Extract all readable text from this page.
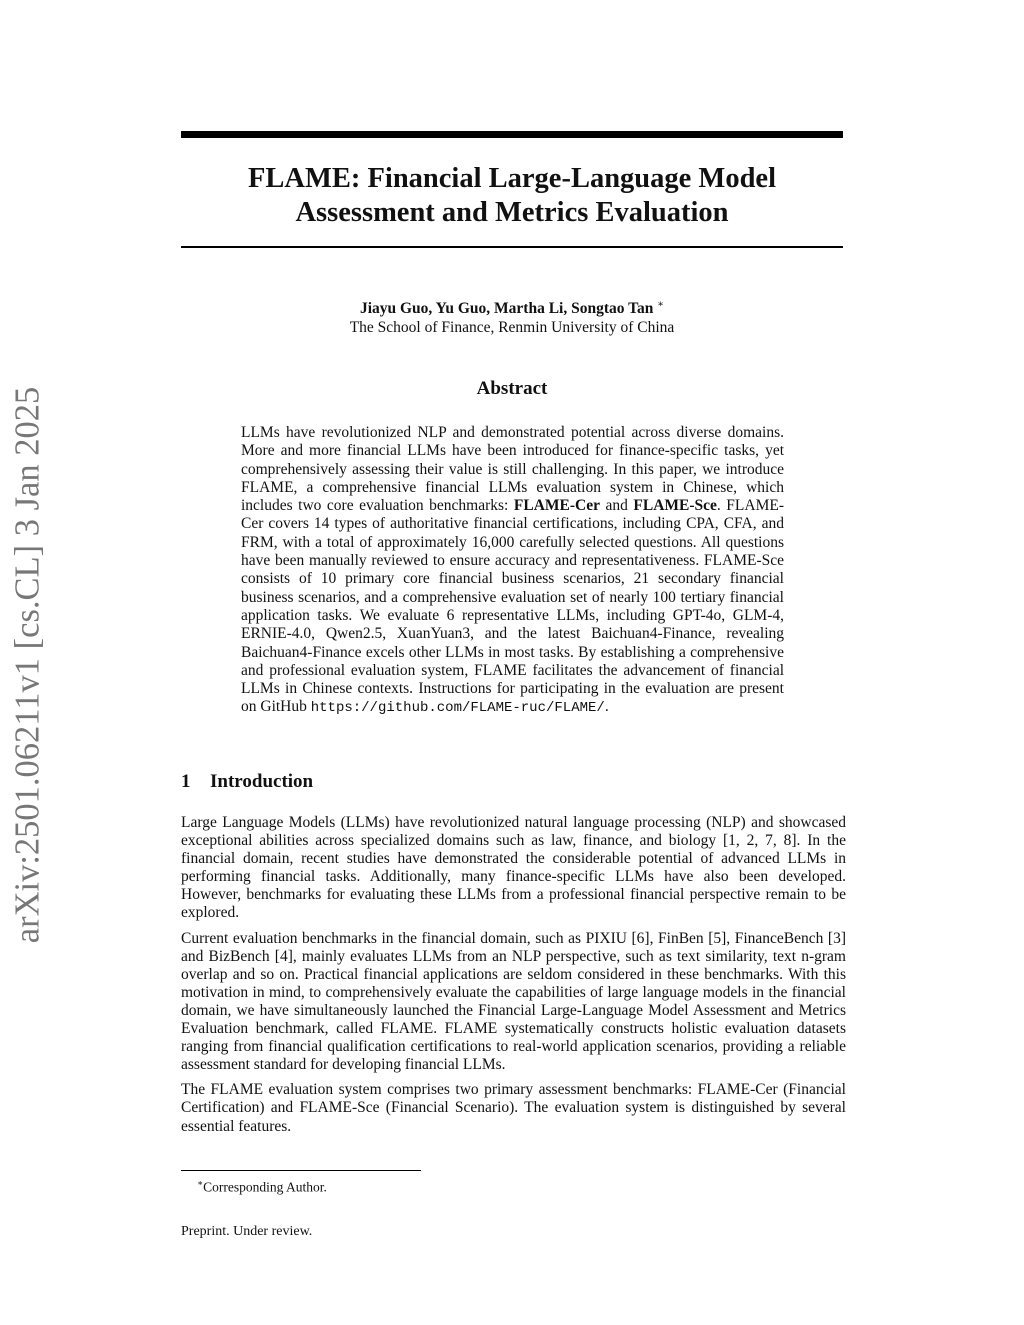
arXiv:2501.06211v1 [cs.CL] 3 Jan 2025
FLAME: Financial Large-Language Model
Assessment and Metrics Evaluation
Jiayu Guo, Yu Guo, Martha Li, Songtao Tan ∗
The School of Finance, Renmin University of China
Abstract

LLMs have revolutionized NLP and demonstrated potential across diverse domains. More and more financial LLMs have been introduced for finance-specific tasks, yet comprehensively assessing their value is still challenging. In this paper, we introduce FLAME, a comprehensive financial LLMs evaluation system in Chinese, which includes two core evaluation benchmarks: FLAME-Cer and FLAME-Sce. FLAME-Cer covers 14 types of authoritative financial certifications, including CPA, CFA, and FRM, with a total of approximately 16,000 carefully selected questions. All questions have been manually reviewed to ensure accuracy and representativeness. FLAME-Sce consists of 10 primary core financial business scenarios, 21 secondary financial business scenarios, and a comprehensive evaluation set of nearly 100 tertiary financial application tasks. We evaluate 6 representative LLMs, including GPT-4o, GLM-4, ERNIE-4.0, Qwen2.5, XuanYuan3, and the latest Baichuan4-Finance, revealing Baichuan4-Finance excels other LLMs in most tasks. By establishing a comprehensive and professional evaluation system, FLAME facilitates the advancement of financial LLMs in Chinese contexts. Instructions for participating in the evaluation are present on GitHub https://github.com/FLAME-ruc/FLAME/.

1 Introduction

Large Language Models (LLMs) have revolutionized natural language processing (NLP) and showcased exceptional abilities across specialized domains such as law, finance, and biology [1, 2, 7, 8]. In the financial domain, recent studies have demonstrated the considerable potential of advanced LLMs in performing financial tasks. Additionally, many finance-specific LLMs have also been developed. However, benchmarks for evaluating these LLMs from a professional financial perspective remain to be explored.

Current evaluation benchmarks in the financial domain, such as PIXIU [6], FinBen [5], FinanceBench [3] and BizBench [4], mainly evaluates LLMs from an NLP perspective, such as text similarity, text n-gram overlap and so on. Practical financial applications are seldom considered in these benchmarks. With this motivation in mind, to comprehensively evaluate the capabilities of large language models in the financial domain, we have simultaneously launched the Financial Large-Language Model Assessment and Metrics Evaluation benchmark, called FLAME. FLAME systematically constructs holistic evaluation datasets ranging from financial qualification certifications to real-world application scenarios, providing a reliable assessment standard for developing financial LLMs.

The FLAME evaluation system comprises two primary assessment benchmarks: FLAME-Cer (Financial Certification) and FLAME-Sce (Financial Scenario). The evaluation system is distinguished by several essential features.

∗Corresponding Author.
Preprint. Under review.
